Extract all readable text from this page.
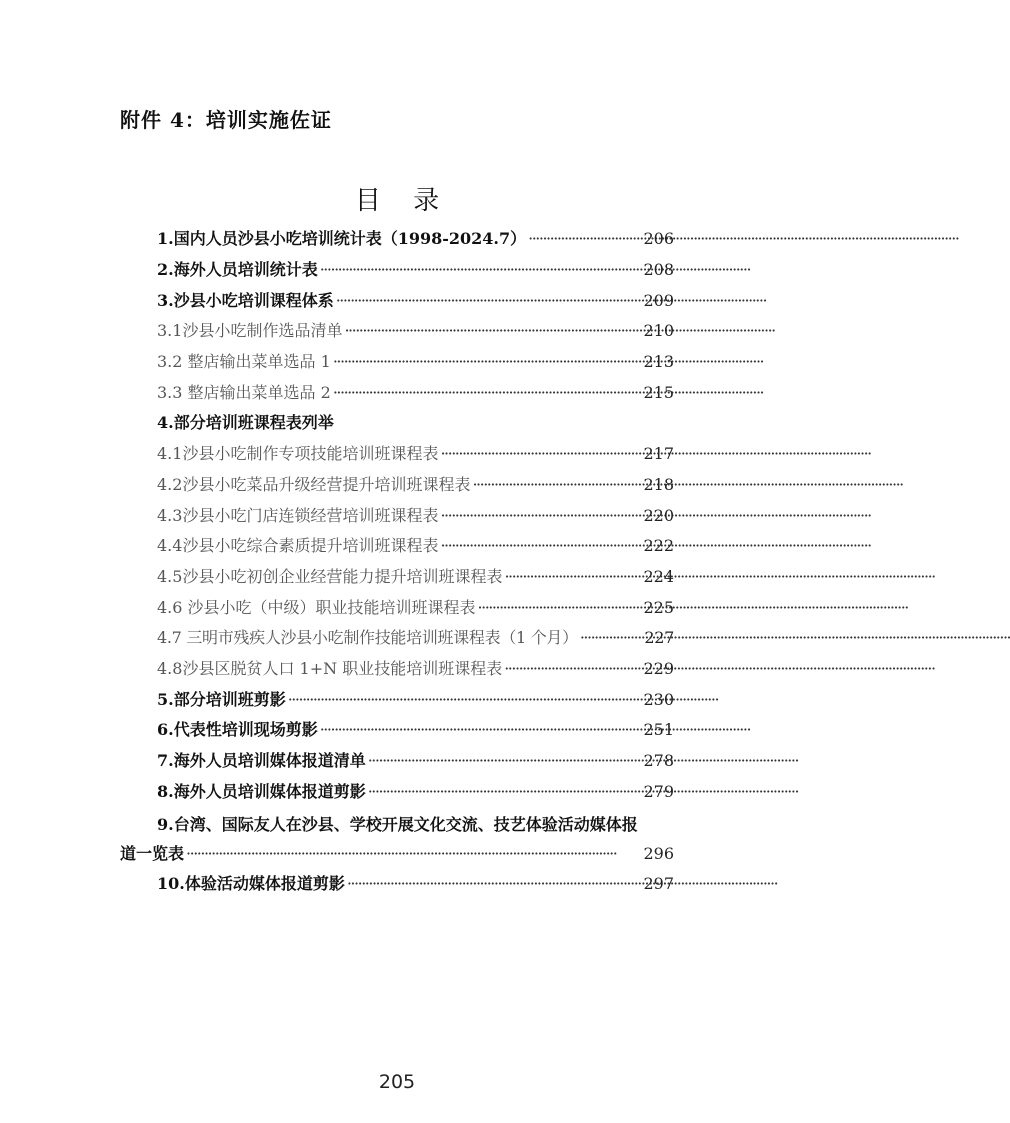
附件 4：培训实施佐证
目 录
1.国内人员沙县小吃培训统计表（1998-2024.7） ·····	206
2.海外人员培训统计表 ·····	208
3.沙县小吃培训课程体系 ·····	209
3.1沙县小吃制作选品清单 ·····	210
3.2 整店输出菜单选品 1 ·····	213
3.3 整店输出菜单选品 2 ·····	215
4.部分培训班课程表列举
4.1沙县小吃制作专项技能培训班课程表 ·····	217
4.2沙县小吃菜品升级经营提升培训班课程表 ·····	218
4.3沙县小吃门店连锁经营培训班课程表 ·····	220
4.4沙县小吃综合素质提升培训班课程表 ·····	222
4.5沙县小吃初创企业经营能力提升培训班课程表 ·····	224
4.6 沙县小吃（中级）职业技能培训班课程表 ·····	225
4.7 三明市残疾人沙县小吃制作技能培训班课程表（1 个月） ·····	227
4.8沙县区脱贫人口 1+N 职业技能培训班课程表 ·····	229
5.部分培训班剪影 ·····	230
6.代表性培训现场剪影 ·····	251
7.海外人员培训媒体报道清单 ·····	278
8.海外人员培训媒体报道剪影 ·····	279
9.台湾、国际友人在沙县、学校开展文化交流、技艺体验活动媒体报
道一览表 ·····	296
10.体验活动媒体报道剪影 ·····	297
205
